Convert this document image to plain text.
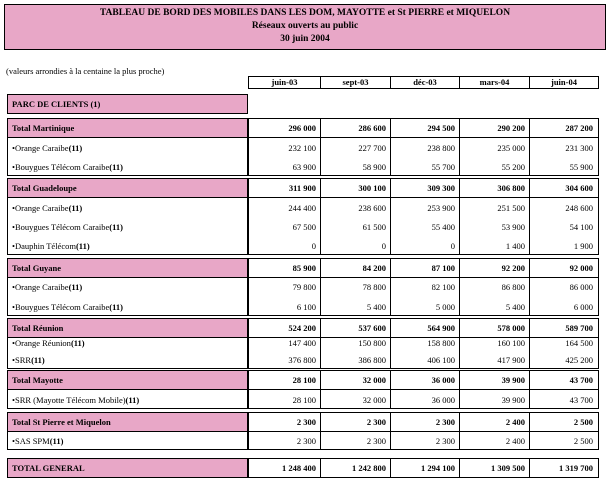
TABLEAU DE BORD DES MOBILES DANS LES DOM, MAYOTTE et St PIERRE et MIQUELON
Réseaux ouverts au public
30 juin 2004
(valeurs arrondies à la centaine la plus proche)
juin-03	sept-03	déc-03	mars-04	juin-04
PARC DE CLIENTS (1)
Total Martinique	296 000	286 600	294 500	290 200	287 200
• Orange Caraibe (11)	232 100	227 700	238 800	235 000	231 300
• Bouygues Télécom Caraibe (11)	63 900	58 900	55 700	55 200	55 900
Total Guadeloupe	311 900	300 100	309 300	306 800	304 600
• Orange Caraibe (11)	244 400	238 600	253 900	251 500	248 600
• Bouygues Télécom Caraibe (11)	67 500	61 500	55 400	53 900	54 100
• Dauphin Télécom (11)	0	0	0	1 400	1 900
Total Guyane	85 900	84 200	87 100	92 200	92 000
• Orange Caraibe (11)	79 800	78 800	82 100	86 800	86 000
• Bouygues Télécom Caraibe (11)	6 100	5 400	5 000	5 400	6 000
Total Réunion	524 200	537 600	564 900	578 000	589 700
• Orange Réunion (11)	147 400	150 800	158 800	160 100	164 500
• SRR (11)	376 800	386 800	406 100	417 900	425 200
Total Mayotte	28 100	32 000	36 000	39 900	43 700
• SRR (Mayotte Télécom Mobile) (11)	28 100	32 000	36 000	39 900	43 700
Total St Pierre et Miquelon	2 300	2 300	2 300	2 400	2 500
• SAS SPM (11)	2 300	2 300	2 300	2 400	2 500
TOTAL GENERAL	1 248 400	1 242 800	1 294 100	1 309 500	1 319 700
